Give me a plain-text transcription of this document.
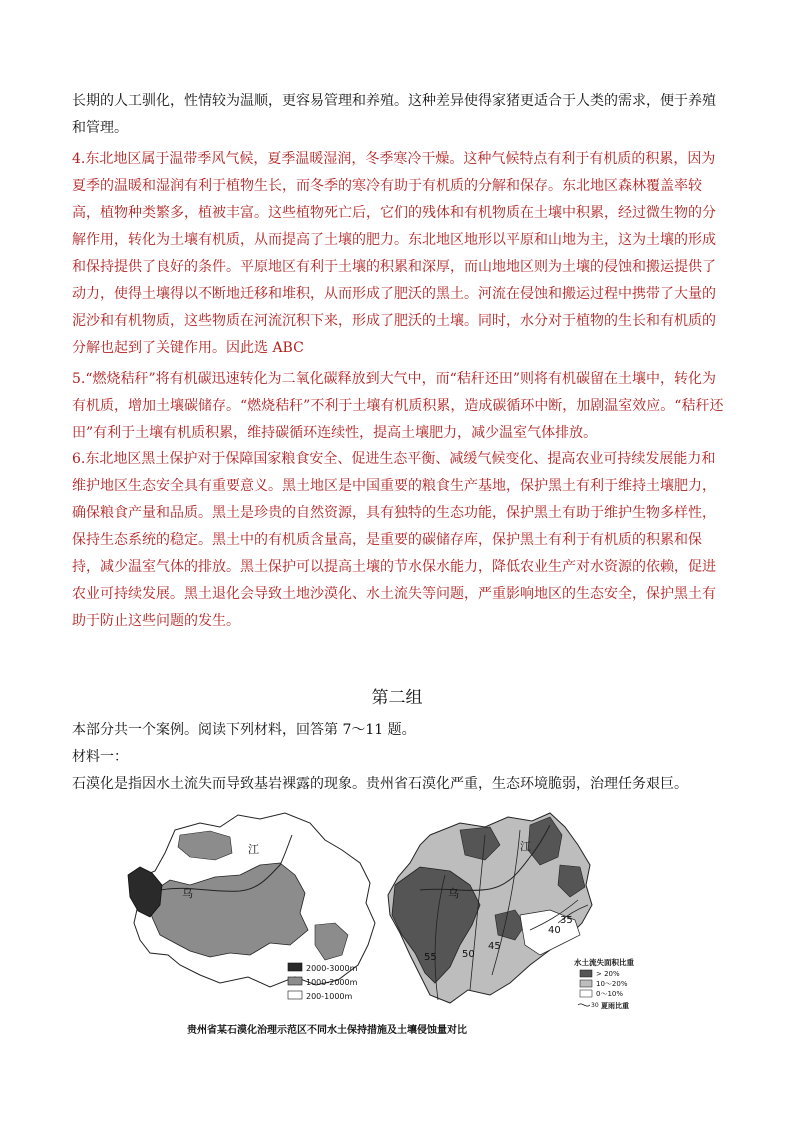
长期的人工驯化，性情较为温顺，更容易管理和养殖。这种差异使得家猪更适合于人类的需求，便于养殖
和管理。
4.东北地区属于温带季风气候，夏季温暖湿润，冬季寒冷干燥。这种气候特点有利于有机质的积累，因为夏季的温暖和湿润有利于植物生长，而冬季的寒冷有助于有机质的分解和保存。东北地区森林覆盖率较高，植物种类繁多，植被丰富。这些植物死亡后，它们的残体和有机物质在土壤中积累，经过微生物的分解作用，转化为土壤有机质，从而提高了土壤的肥力。东北地区地形以平原和山地为主，这为土壤的形成和保持提供了良好的条件。平原地区有利于土壤的积累和深厚，而山地地区则为土壤的侵蚀和搬运提供了动力，使得土壤得以不断地迁移和堆积，从而形成了肥沃的黑土。河流在侵蚀和搬运过程中携带了大量的泥沙和有机物质，这些物质在河流沉积下来，形成了肥沃的土壤。同时，水分对于植物的生长和有机质的分解也起到了关键作用。因此选 ABC
5.“燃烧秸秆”将有机碳迅速转化为二氧化碳释放到大气中，而“秸秆还田”则将有机碳留在土壤中，转化为有机质，增加土壤碳储存。“燃烧秸秆”不利于土壤有机质积累，造成碳循环中断，加剧温室效应。“秸秆还田”有利于土壤有机质积累，维持碳循环连续性，提高土壤肥力，减少温室气体排放。
6.东北地区黑土保护对于保障国家粮食安全、促进生态平衡、减缓气候变化、提高农业可持续发展能力和维护地区生态安全具有重要意义。黑土地区是中国重要的粮食生产基地，保护黑土有利于维持土壤肥力，确保粮食产量和品质。黑土是珍贵的自然资源，具有独特的生态功能，保护黑土有助于维护生物多样性，保持生态系统的稳定。黑土中的有机质含量高，是重要的碳储存库，保护黑土有利于有机质的积累和保持，减少温室气体的排放。黑土保护可以提高土壤的节水保水能力，降低农业生产对水资源的依赖，促进农业可持续发展。黑土退化会导致土地沙漠化、水土流失等问题，严重影响地区的生态安全，保护黑土有助于防止这些问题的发生。
第二组
本部分共一个案例。阅读下列材料，回答第 7～11 题。
材料一：
石漠化是指因水土流失而导致基岩裸露的现象。贵州省石漠化严重，生态环境脆弱，治理任务艰巨。
江
乌
2000-3000m
1000-2000m
200-1000m
江
乌
55	50
45
40
35
水土流失面积比重
> 20%
10～20%
0～10%
30 夏雨比重
贵州省某石漠化治理示范区不同水土保持措施及土壤侵蚀量对比
